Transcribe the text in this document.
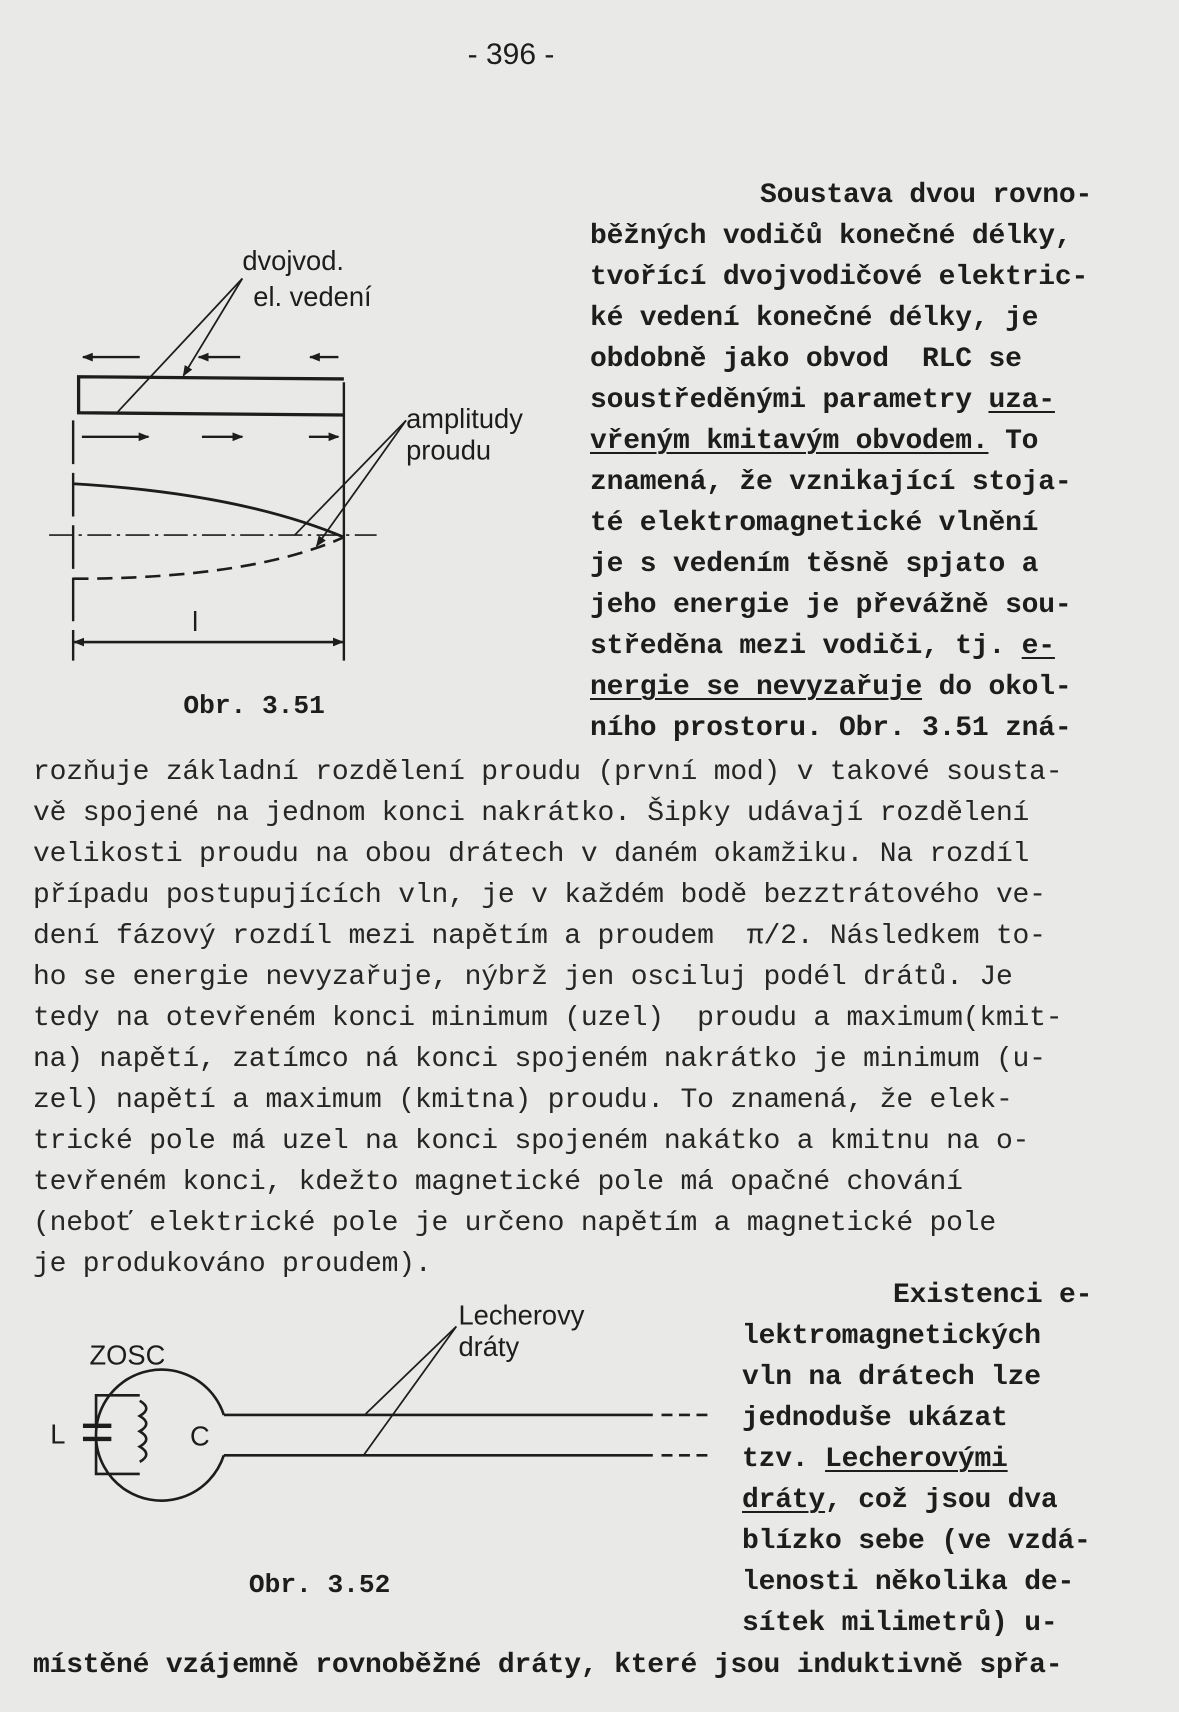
- 396 -
dvojvod.
el. vedení
amplitudy
proudu
l
Obr. 3.51
ZOSC
L	C
Lecherovy
dráty
Obr. 3.52
Soustava dvou rovno-
běžných vodičů konečné délky,
tvořící dvojvodičové elektric-
ké vedení konečné délky, je
obdobně jako obvod  RLC se
soustředěnými parametry uza-
vřeným kmitavým obvodem. To
znamená, že vznikající stoja-
té elektromagnetické vlnění
je s vedením těsně spjato a
jeho energie je převážně sou-
středěna mezi vodiči, tj. e-
nergie se nevyzařuje do okol-
ního prostoru. Obr. 3.51 zná-
rozňuje základní rozdělení proudu (první mod) v takové sousta-
vě spojené na jednom konci nakrátko. Šipky udávají rozdělení
velikosti proudu na obou drátech v daném okamžiku. Na rozdíl
případu postupujících vln, je v každém bodě bezztrátového ve-
dení fázový rozdíl mezi napětím a proudem  π/2. Následkem to-
ho se energie nevyzařuje, nýbrž jen osciluj podél drátů. Je
tedy na otevřeném konci minimum (uzel)  proudu a maximum(kmit-
na) napětí, zatímco ná konci spojeném nakrátko je minimum (u-
zel) napětí a maximum (kmitna) proudu. To znamená, že elek-
trické pole má uzel na konci spojeném nakátko a kmitnu na o-
tevřeném konci, kdežto magnetické pole má opačné chování
(neboť elektrické pole je určeno napětím a magnetické pole
je produkováno proudem).
Existenci e-
lektromagnetických
vln na drátech lze
jednoduše ukázat
tzv. Lecherovými
dráty, což jsou dva
blízko sebe (ve vzdá-
lenosti několika de-
sítek milimetrů) u-
místěné vzájemně rovnoběžné dráty, které jsou induktivně spřa-
